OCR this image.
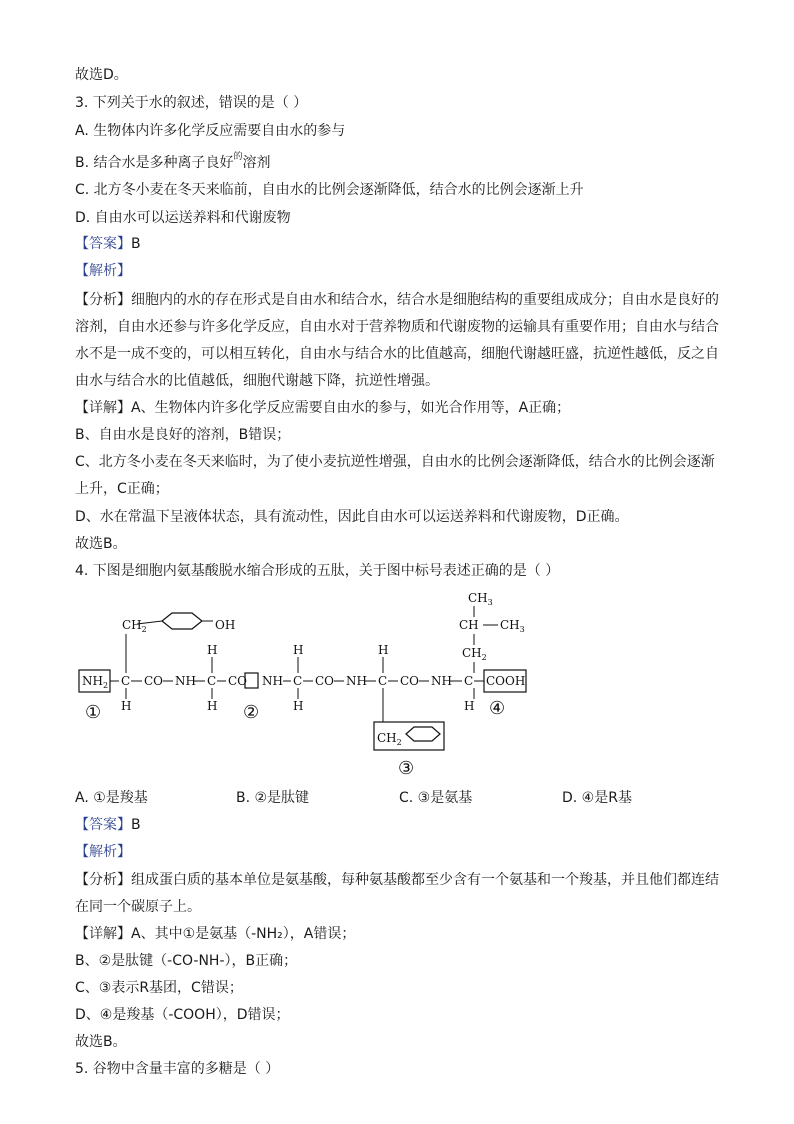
故选D。
3. 下列关于水的叙述，错误的是（ ）
A. 生物体内许多化学反应需要自由水的参与
B. 结合水是多种离子良好$^的$溶剂
C. 北方冬小麦在冬天来临前，自由水的比例会逐渐降低，结合水的比例会逐渐上升
D. 自由水可以运送养料和代谢废物
【答案】B
【解析】
【分析】细胞内的水的存在形式是自由水和结合水，结合水是细胞结构的重要组成成分；自由水是良好的
溶剂，自由水还参与许多化学反应，自由水对于营养物质和代谢废物的运输具有重要作用；自由水与结合
水不是一成不变的，可以相互转化，自由水与结合水的比值越高，细胞代谢越旺盛，抗逆性越低，反之自
由水与结合水的比值越低，细胞代谢越下降，抗逆性增强。
【详解】A、生物体内许多化学反应需要自由水的参与，如光合作用等，A正确；
B、自由水是良好的溶剂，B错误；
C、北方冬小麦在冬天来临时，为了使小麦抗逆性增强，自由水的比例会逐渐降低，结合水的比例会逐渐
上升，C正确；
D、水在常温下呈液体状态，具有流动性，因此自由水可以运送养料和代谢废物，D正确。
故选B。
4. 下图是细胞内氨基酸脱水缩合形成的五肽，关于图中标号表述正确的是（ ）
$CH_2$	OH
$CH_3$
CH $CH_3$
$CH_2$
$NH_2$ C CO NH C CO NH C CO NH C CO NH C COOH
H
H
H
H
H
H
H
$CH_2$
①	②
③
④
A. ①是羧基	B. ②是肽键	C. ③是氨基	D. ④是R基
【答案】B
【解析】
【分析】组成蛋白质的基本单位是氨基酸，每种氨基酸都至少含有一个氨基和一个羧基，并且他们都连结
在同一个碳原子上。
【详解】A、其中①是氨基（-NH₂），A错误；
B、②是肽键（-CO-NH-），B正确；
C、③表示R基团，C错误；
D、④是羧基（-COOH），D错误；
故选B。
5. 谷物中含量丰富的多糖是（ ）
